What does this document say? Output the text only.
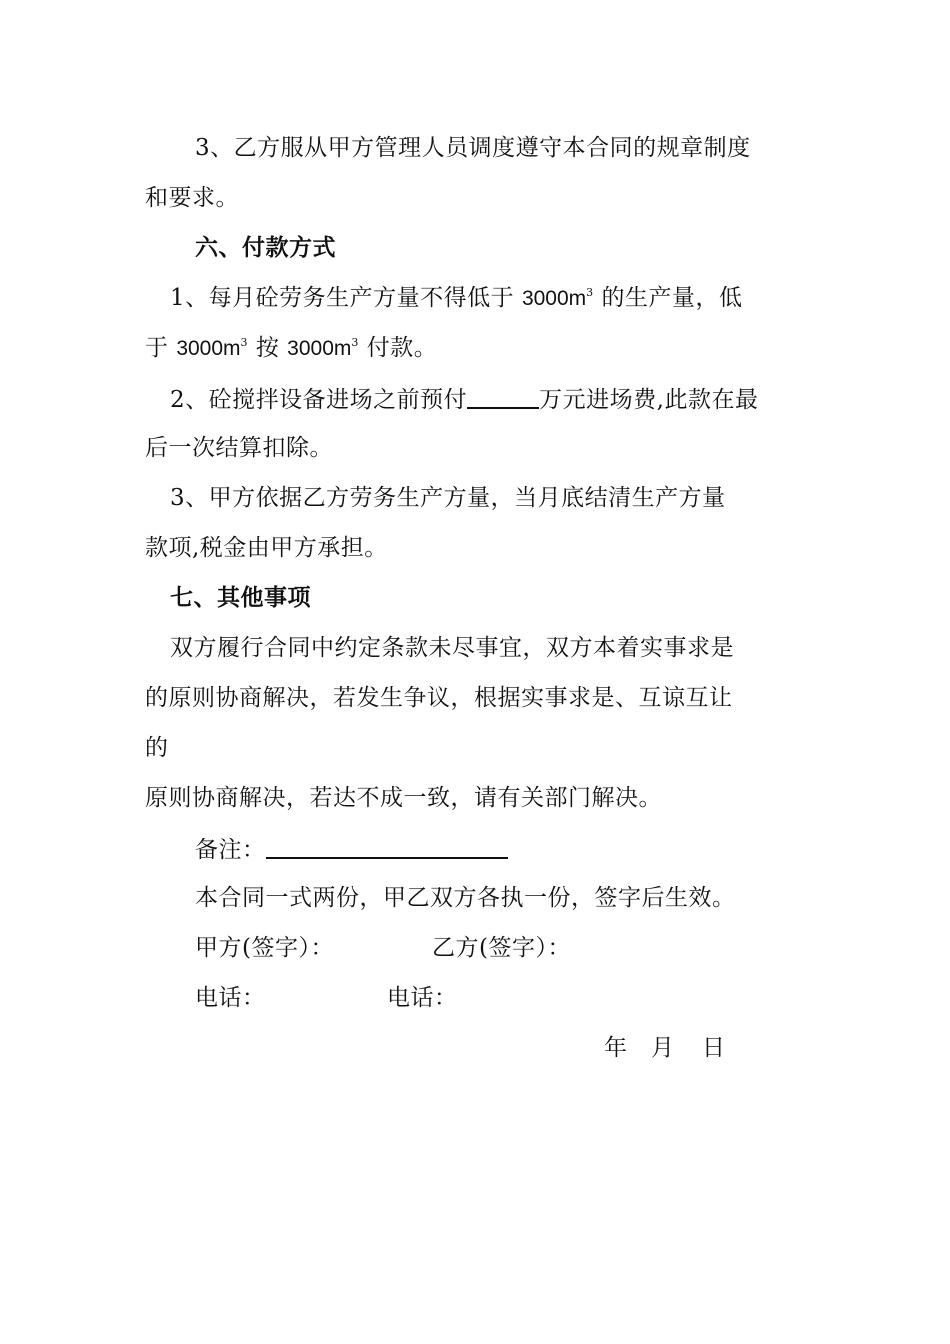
3、乙方服从甲方管理人员调度遵守本合同的规章制度
和要求。
六、付款方式
1、每月砼劳务生产方量不得低于 $3000m^3$ 的生产量，低
于 $3000m^3$ 按 $3000m^3$ 付款。
2、砼搅拌设备进场之前预付	万元进场费,此款在最
后一次结算扣除。
3、甲方依据乙方劳务生产方量，当月底结清生产方量
款项,税金由甲方承担。
七、其他事项
双方履行合同中约定条款未尽事宜，双方本着实事求是
的原则协商解决，若发生争议，根据实事求是、互谅互让
的
原则协商解决，若达不成一致，请有关部门解决。
备注：
本合同一式两份，甲乙双方各执一份，签字后生效。
甲方(签字）：	乙方(签字）：
电话：	电话：
年 月 日
